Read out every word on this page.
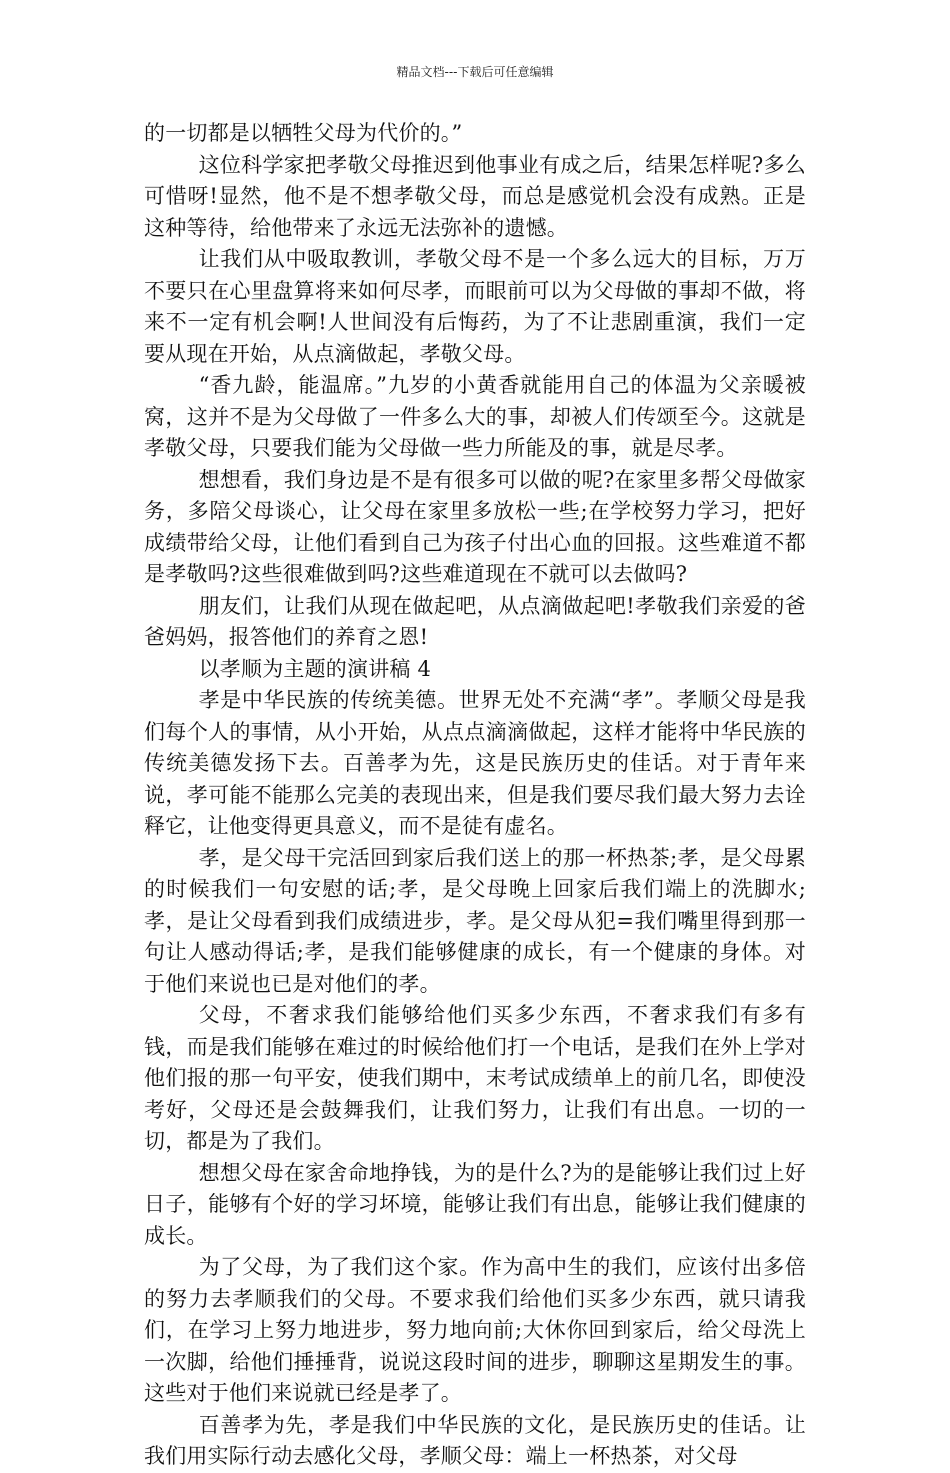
精品文档---下载后可任意编辑

的一切都是以牺牲父母为代价的。”

这位科学家把孝敬父母推迟到他事业有成之后，结果怎样呢?多么可惜呀!显然，他不是不想孝敬父母，而总是感觉机会没有成熟。正是这种等待，给他带来了永远无法弥补的遗憾。

让我们从中吸取教训，孝敬父母不是一个多么远大的目标，万万不要只在心里盘算将来如何尽孝，而眼前可以为父母做的事却不做，将来不一定有机会啊!人世间没有后悔药，为了不让悲剧重演，我们一定要从现在开始，从点滴做起，孝敬父母。

“香九龄，能温席。”九岁的小黄香就能用自己的体温为父亲暖被窝，这并不是为父母做了一件多么大的事，却被人们传颂至今。这就是孝敬父母，只要我们能为父母做一些力所能及的事，就是尽孝。

想想看，我们身边是不是有很多可以做的呢?在家里多帮父母做家务，多陪父母谈心，让父母在家里多放松一些;在学校努力学习，把好成绩带给父母，让他们看到自己为孩子付出心血的回报。这些难道不都是孝敬吗?这些很难做到吗?这些难道现在不就可以去做吗?

朋友们，让我们从现在做起吧，从点滴做起吧!孝敬我们亲爱的爸爸妈妈，报答他们的养育之恩!

以孝顺为主题的演讲稿 4

孝是中华民族的传统美德。世界无处不充满“孝”。孝顺父母是我们每个人的事情，从小开始，从点点滴滴做起，这样才能将中华民族的传统美德发扬下去。百善孝为先，这是民族历史的佳话。对于青年来说，孝可能不能那么完美的表现出来，但是我们要尽我们最大努力去诠释它，让他变得更具意义，而不是徒有虚名。

孝，是父母干完活回到家后我们送上的那一杯热茶;孝，是父母累的时候我们一句安慰的话;孝，是父母晚上回家后我们端上的洗脚水;孝，是让父母看到我们成绩进步，孝。是父母从犯=我们嘴里得到那一句让人感动得话;孝，是我们能够健康的成长，有一个健康的身体。对于他们来说也已是对他们的孝。

父母，不奢求我们能够给他们买多少东西，不奢求我们有多有钱，而是我们能够在难过的时候给他们打一个电话，是我们在外上学对他们报的那一句平安，使我们期中，末考试成绩单上的前几名，即使没考好，父母还是会鼓舞我们，让我们努力，让我们有出息。一切的一切，都是为了我们。

想想父母在家舍命地挣钱，为的是什么?为的是能够让我们过上好日子，能够有个好的学习坏境，能够让我们有出息，能够让我们健康的成长。

为了父母，为了我们这个家。作为高中生的我们，应该付出多倍的努力去孝顺我们的父母。不要求我们给他们买多少东西，就只请我们，在学习上努力地进步，努力地向前;大休你回到家后，给父母洗上一次脚，给他们捶捶背，说说这段时间的进步，聊聊这星期发生的事。这些对于他们来说就已经是孝了。

百善孝为先，孝是我们中华民族的文化，是民族历史的佳话。让我们用实际行动去感化父母，孝顺父母：端上一杯热茶，对父母
